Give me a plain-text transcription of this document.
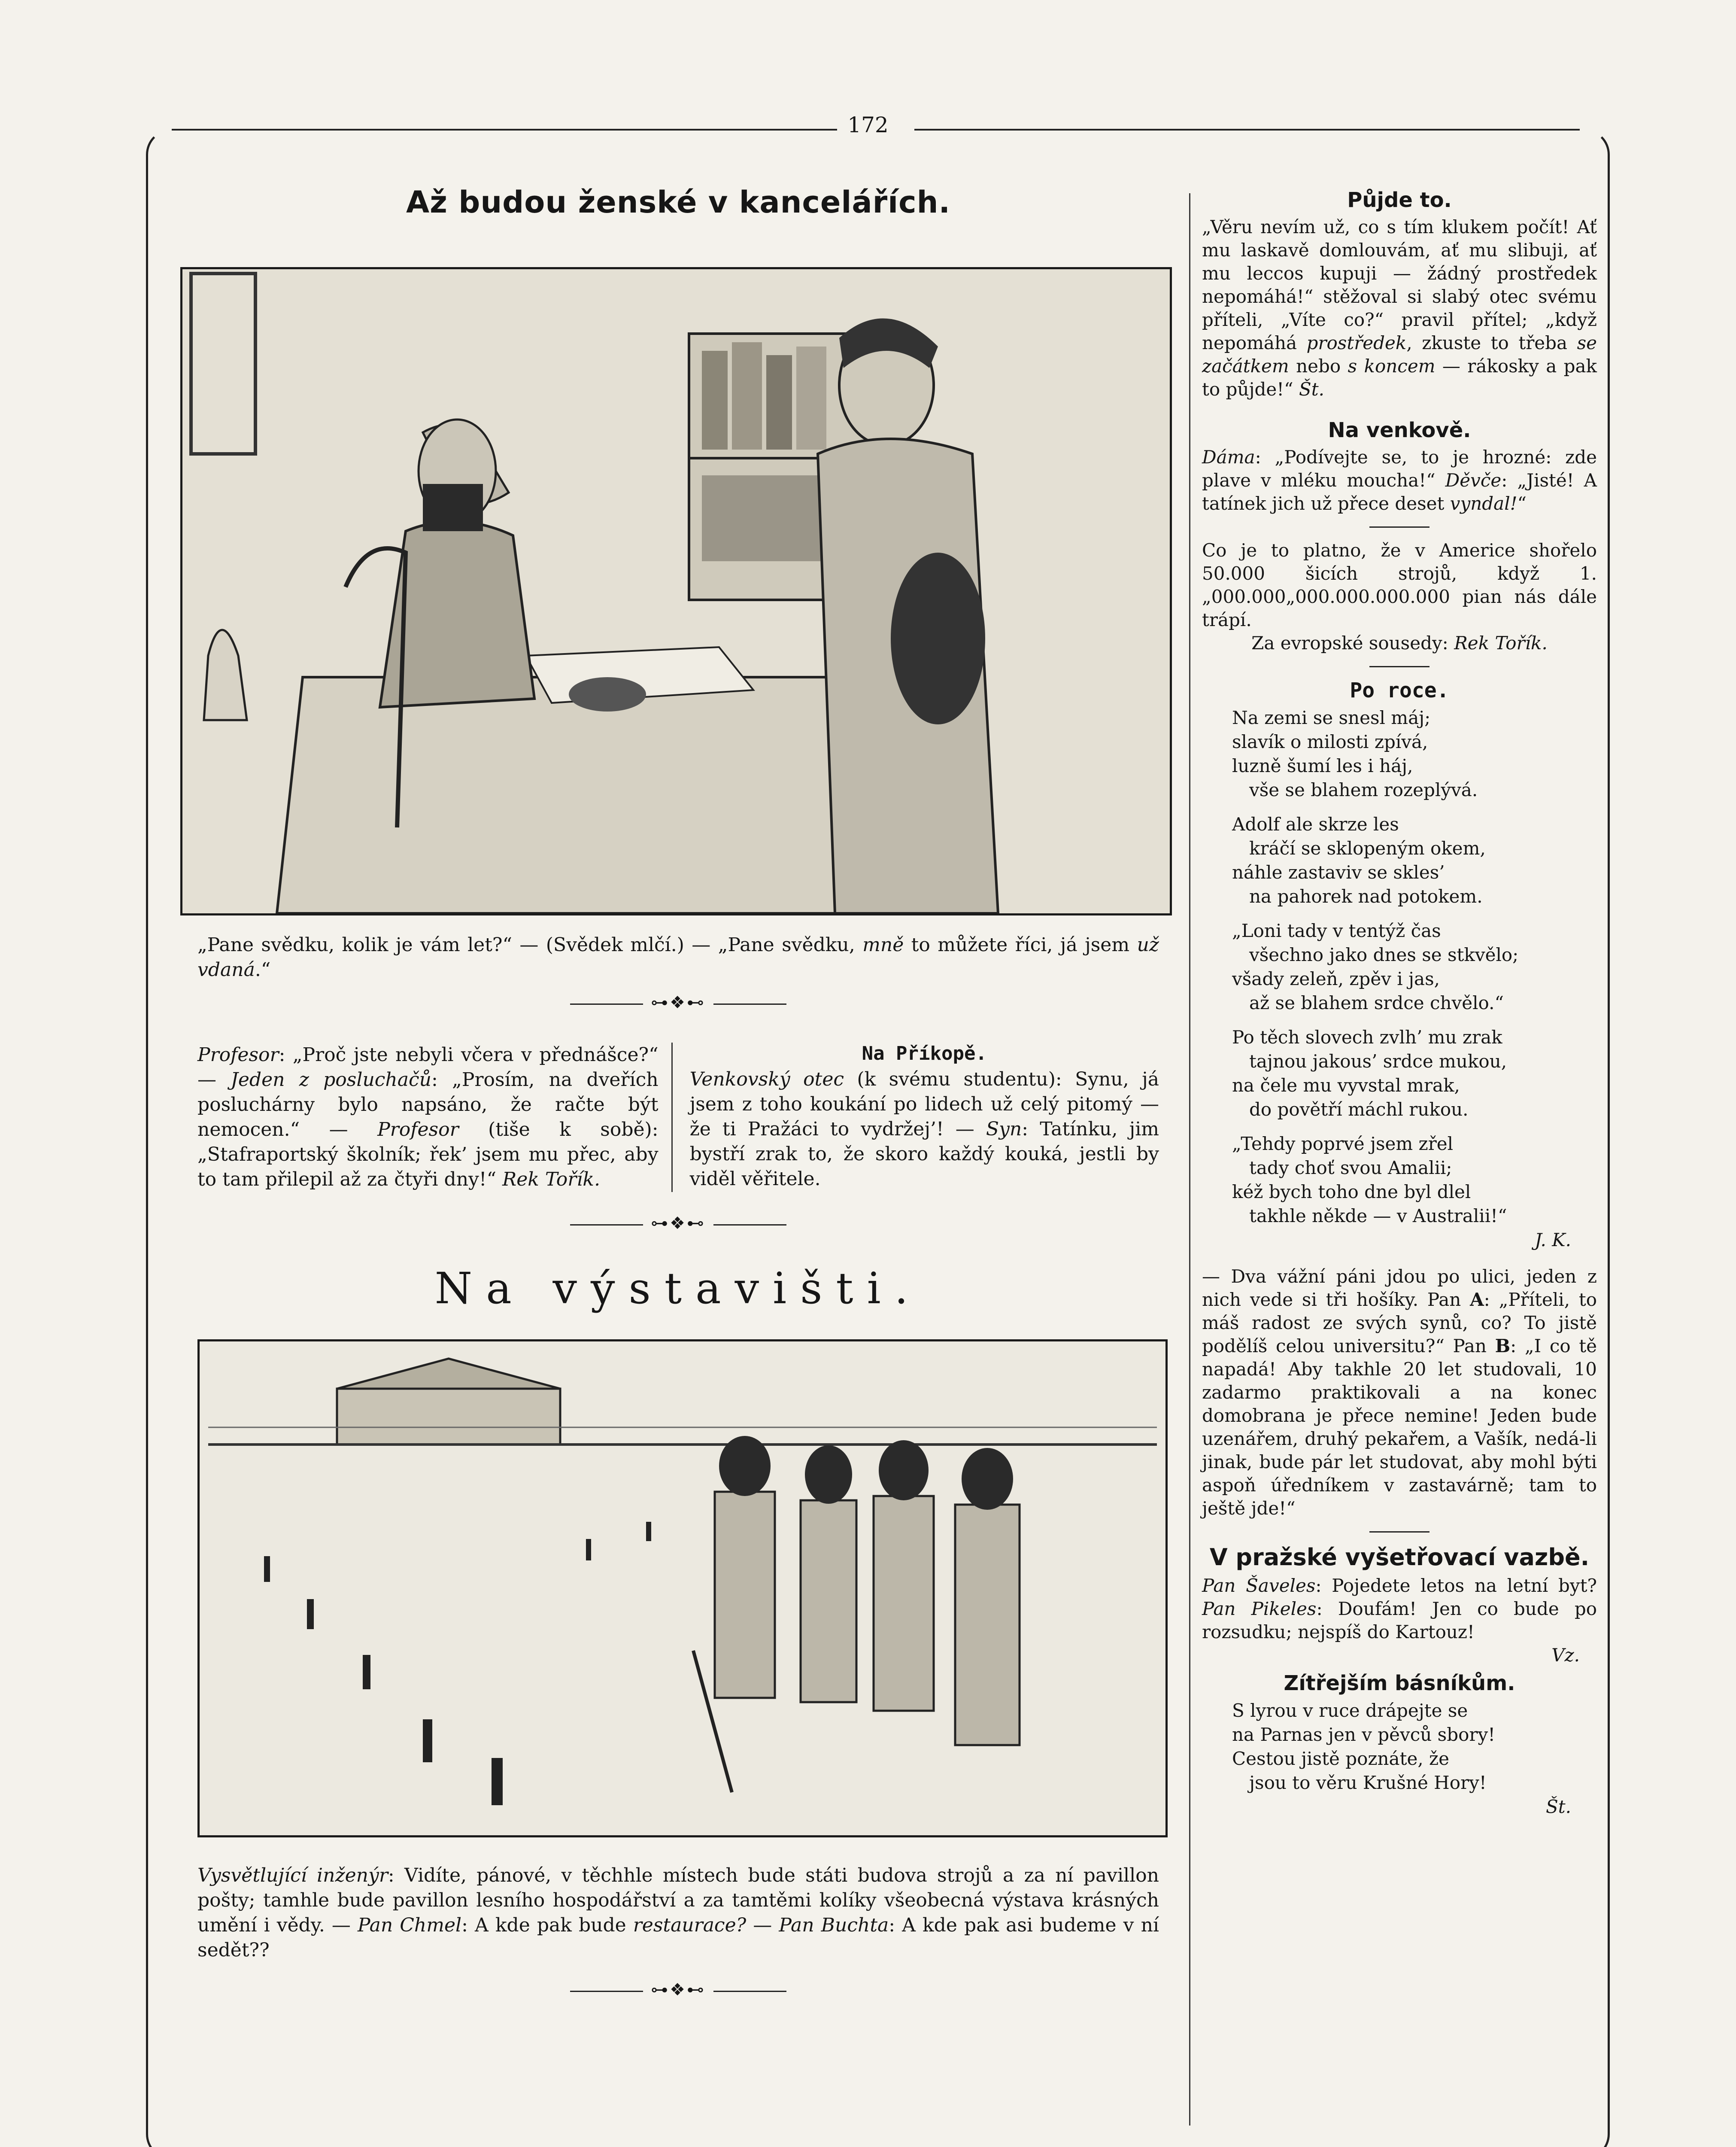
172
Až budou ženské v kancelářích.

„Pane svědku, kolik je vám let?“ — (Svědek mlčí.) — „Pane svědku, mně to můžete říci, já jsem už vdaná.“

⊶❖⊷

Profesor: „Proč jste nebyli včera v přednášce?“ — Jeden z posluchačů: „Prosím, na dveřích posluchárny bylo napsáno, že račte být nemocen.“ — Profesor (tiše k sobě): „Stafraportský školník; řek’ jsem mu přec, aby to tam přilepil až za čtyři dny!“ Rek Tořík.

Na Příkopě.

Venkovský otec (k svému studentu): Synu, já jsem z toho koukání po lidech už celý pitomý — že ti Pražáci to vydržej’! — Syn: Tatínku, jim bystří zrak to, že skoro každý kouká, jestli by viděl věřitele.

⊶❖⊷
Na výstavišti.

Vysvětlující inženýr: Vidíte, pánové, v těchhle místech bude státi budova strojů a za ní pavillon pošty; tamhle bude pavillon lesního hospodářství a za tamtěmi kolíky všeobecná výstava krásných umění i vědy. — Pan Chmel: A kde pak bude restaurace? — Pan Buchta: A kde pak asi budeme v ní sedět??

⊶❖⊷
Půjde to.

„Věru nevím už, co s tím klukem počít! Ať mu laskavě domlouvám, ať mu slibuji, ať mu leccos kupuji — žádný prostředek nepomáhá!“ stěžoval si slabý otec svému příteli, „Víte co?“ pravil přítel; „když nepomáhá prostředek, zkuste to třeba se začátkem nebo s koncem — rákosky a pak to půjde!“ Št.

Na venkově.

Dáma: „Podívejte se, to je hrozné: zde plave v mléku moucha!“ Děvče: „Jisté! A tatínek jich už přece deset vyndal!“

Co je to platno, že v Americe shořelo 50.000 šicích strojů, když 1.„000.000„000.000.000.000 pian nás dále trápí.

Za evropské sousedy: Rek Tořík.

Po roce.

Na zemi se snesl máj;

slavík o milosti zpívá,

luzně šumí les i háj,

vše se blahem rozeplývá.

Adolf ale skrze les

kráčí se sklopeným okem,

náhle zastaviv se skles’

na pahorek nad potokem.

„Loni tady v tentýž čas

všechno jako dnes se stkvělo;

všady zeleň, zpěv i jas,

až se blahem srdce chvělo.“

Po těch slovech zvlh’ mu zrak

tajnou jakous’ srdce mukou,

na čele mu vyvstal mrak,

do povětří máchl rukou.

„Tehdy poprvé jsem zřel

tady choť svou Amalii;

kéž bych toho dne byl dlel

takhle někde — v Australii!“

J. K.

— Dva vážní páni jdou po ulici, jeden z nich vede si tři hošíky. Pan A: „Příteli, to máš radost ze svých synů, co? To jistě podělíš celou universitu?“ Pan B: „I co tě napadá! Aby takhle 20 let studovali, 10 zadarmo praktikovali a na konec domobrana je přece nemine! Jeden bude uzenářem, druhý pekařem, a Vašík, nedá-li jinak, bude pár let studovat, aby mohl býti aspoň úředníkem v zastavárně; tam to ještě jde!“

V pražské vyšetřovací vazbě.

Pan Šaveles: Pojedete letos na letní byt? Pan Pikeles: Doufám! Jen co bude po rozsudku; nejspíš do Kartouz!

Vz.

Zítřejším básníkům.

S lyrou v ruce drápejte se

na Parnas jen v pěvců sbory!

Cestou jistě poznáte, že

jsou to věru Krušné Hory!

Št.
